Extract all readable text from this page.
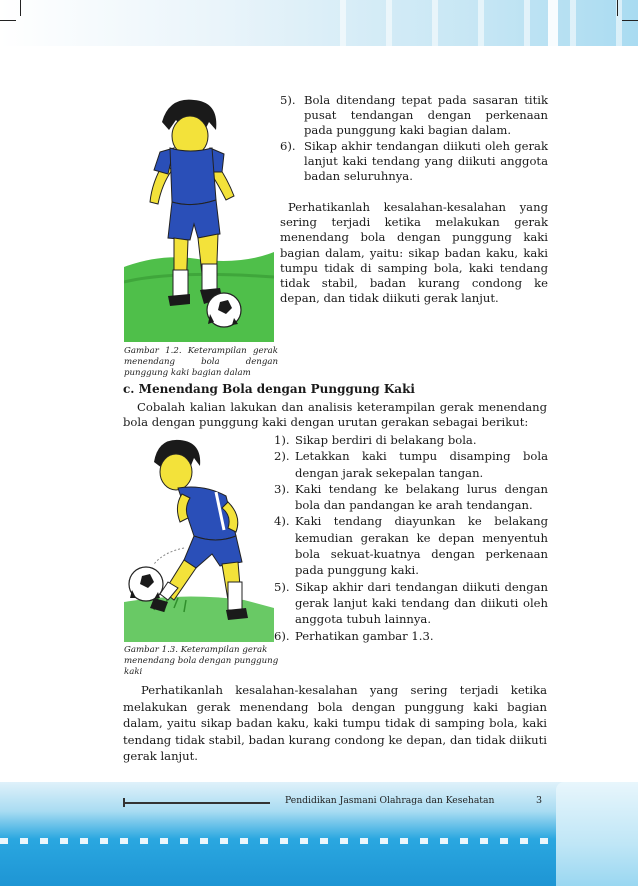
5). Bola ditendang tepat pada sasaran titik pusat tendangan dengan perkenaan pada punggung kaki bagian dalam.
6). Sikap akhir tendangan diikuti oleh gerak lanjut kaki tendang yang diikuti anggota badan seluruhnya.
Perhatikanlah kesalahan-kesalahan yang sering terjadi ketika melakukan gerak menendang bola dengan punggung kaki bagian dalam, yaitu: sikap badan kaku, kaki tumpu tidak di samping bola, kaki tendang tidak stabil, badan kurang condong ke depan, dan tidak diikuti gerak lanjut.
Gambar 1.2. Keterampilan gerak menendang bola dengan punggung kaki bagian dalam
c. Menendang Bola dengan Punggung Kaki
Cobalah kalian lakukan dan analisis keterampilan gerak menendang bola dengan punggung kaki dengan urutan gerakan sebagai berikut:
1). Sikap berdiri di belakang bola.
2). Letakkan kaki tumpu disamping bola dengan jarak sekepalan tangan.
3). Kaki tendang ke belakang lurus dengan bola dan pandangan ke arah tendangan.
4). Kaki tendang diayunkan ke belakang kemudian gerakan ke depan menyentuh bola sekuat-kuatnya dengan perkenaan pada punggung kaki.
5). Sikap akhir dari tendangan diikuti dengan gerak lanjut kaki tendang dan diikuti oleh anggota tubuh lainnya.
6). Perhatikan gambar 1.3.
Gambar 1.3. Keterampilan gerak menendang bola dengan punggung kaki
Perhatikanlah kesalahan-kesalahan yang sering terjadi ketika melakukan gerak menendang bola dengan punggung kaki bagian dalam, yaitu sikap badan kaku, kaki tumpu tidak di samping bola, kaki tendang tidak stabil, badan kurang condong ke depan, dan tidak diikuti gerak lanjut.
Pendidikan Jasmani Olahraga dan Kesehatan	3
